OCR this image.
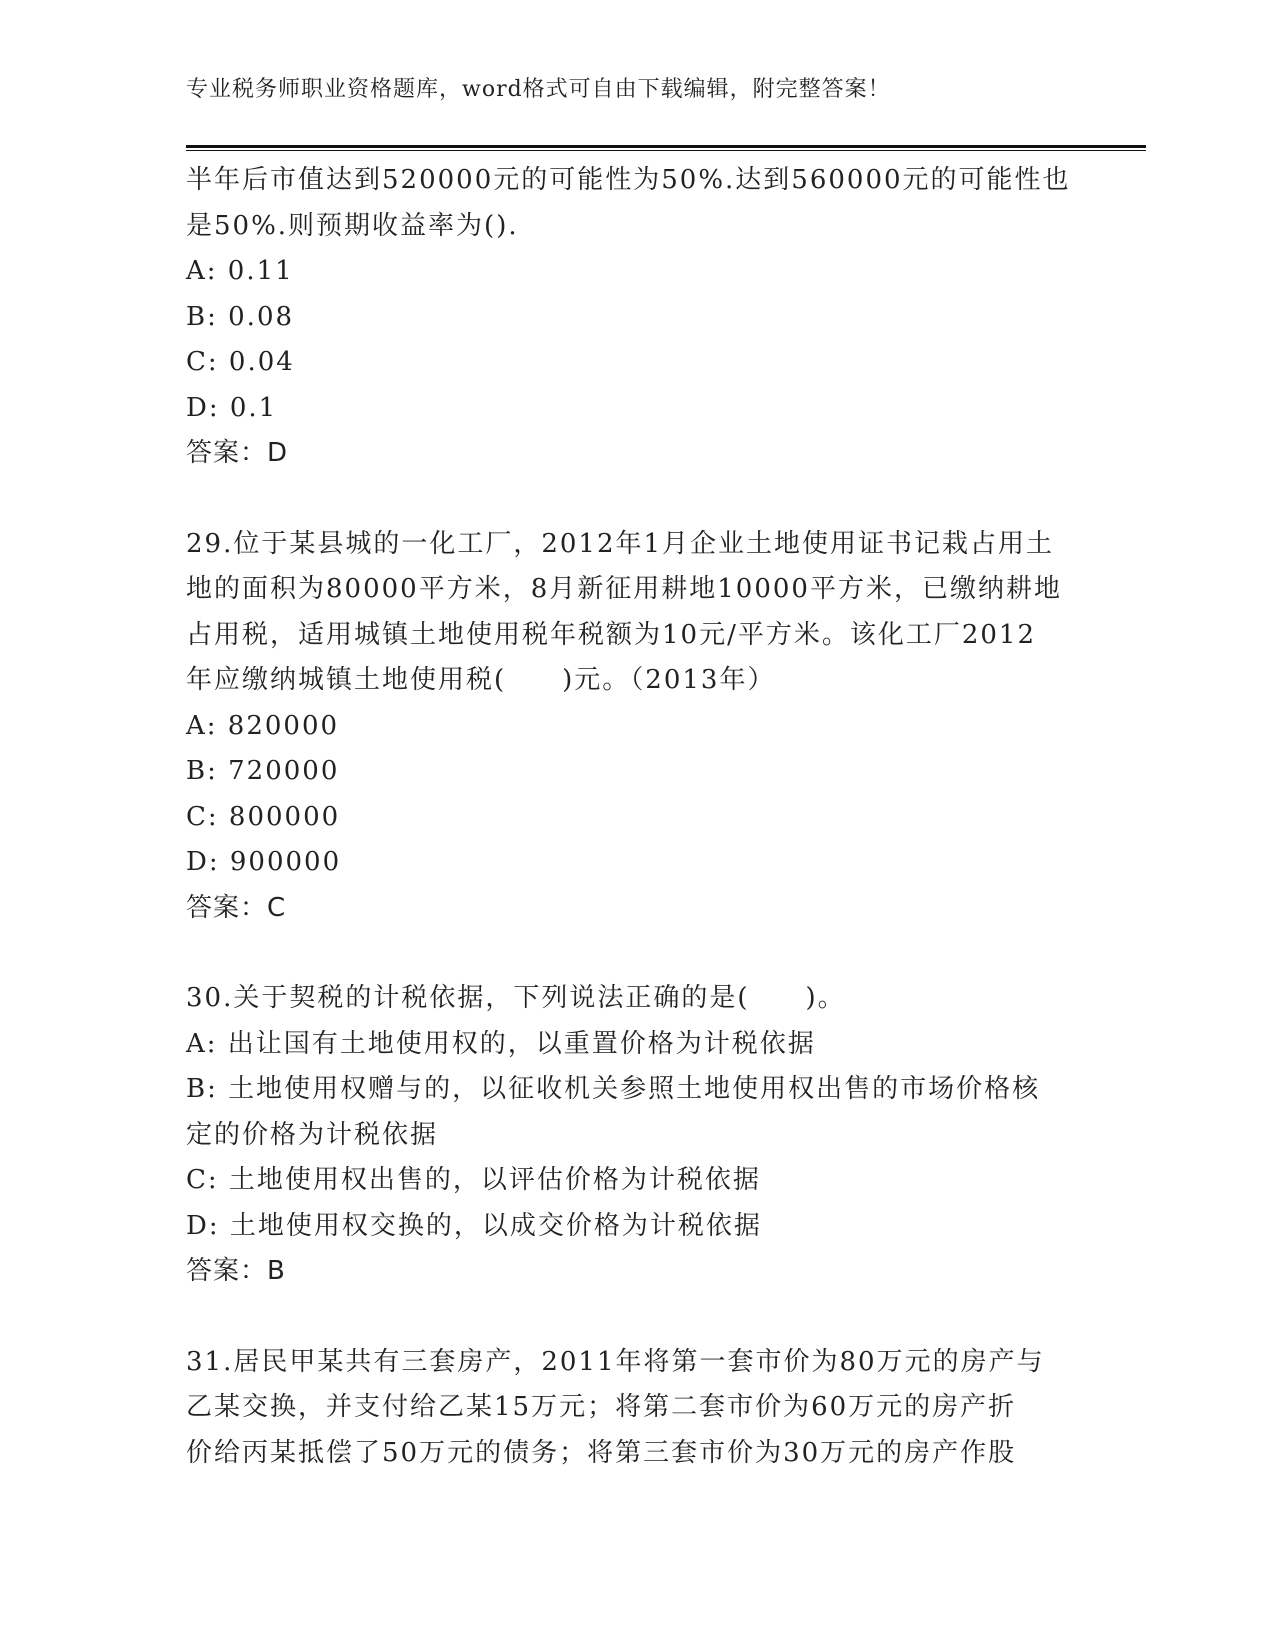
专业税务师职业资格题库，word格式可自由下载编辑，附完整答案！
半年后市值达到520000元的可能性为50%.达到560000元的可能性也
是50%.则预期收益率为().
A: 0.11
B: 0.08
C: 0.04
D: 0.1
答案：D
29.位于某县城的一化工厂，2012年1月企业土地使用证书记栽占用土
地的面积为80000平方米，8月新征用耕地10000平方米，已缴纳耕地
占用税，适用城镇土地使用税年税额为10元/平方米。该化工厂2012
年应缴纳城镇土地使用税(　　)元。（2013年）
A: 820000
B: 720000
C: 800000
D: 900000
答案：C
30.关于契税的计税依据，下列说法正确的是(　　)。
A: 出让国有土地使用权的，以重置价格为计税依据
B: 土地使用权赠与的，以征收机关参照土地使用权出售的市场价格核
定的价格为计税依据
C: 土地使用权出售的，以评估价格为计税依据
D: 土地使用权交换的，以成交价格为计税依据
答案：B
31.居民甲某共有三套房产，2011年将第一套市价为80万元的房产与
乙某交换，并支付给乙某15万元；将第二套市价为60万元的房产折
价给丙某抵偿了50万元的债务；将第三套市价为30万元的房产作股
